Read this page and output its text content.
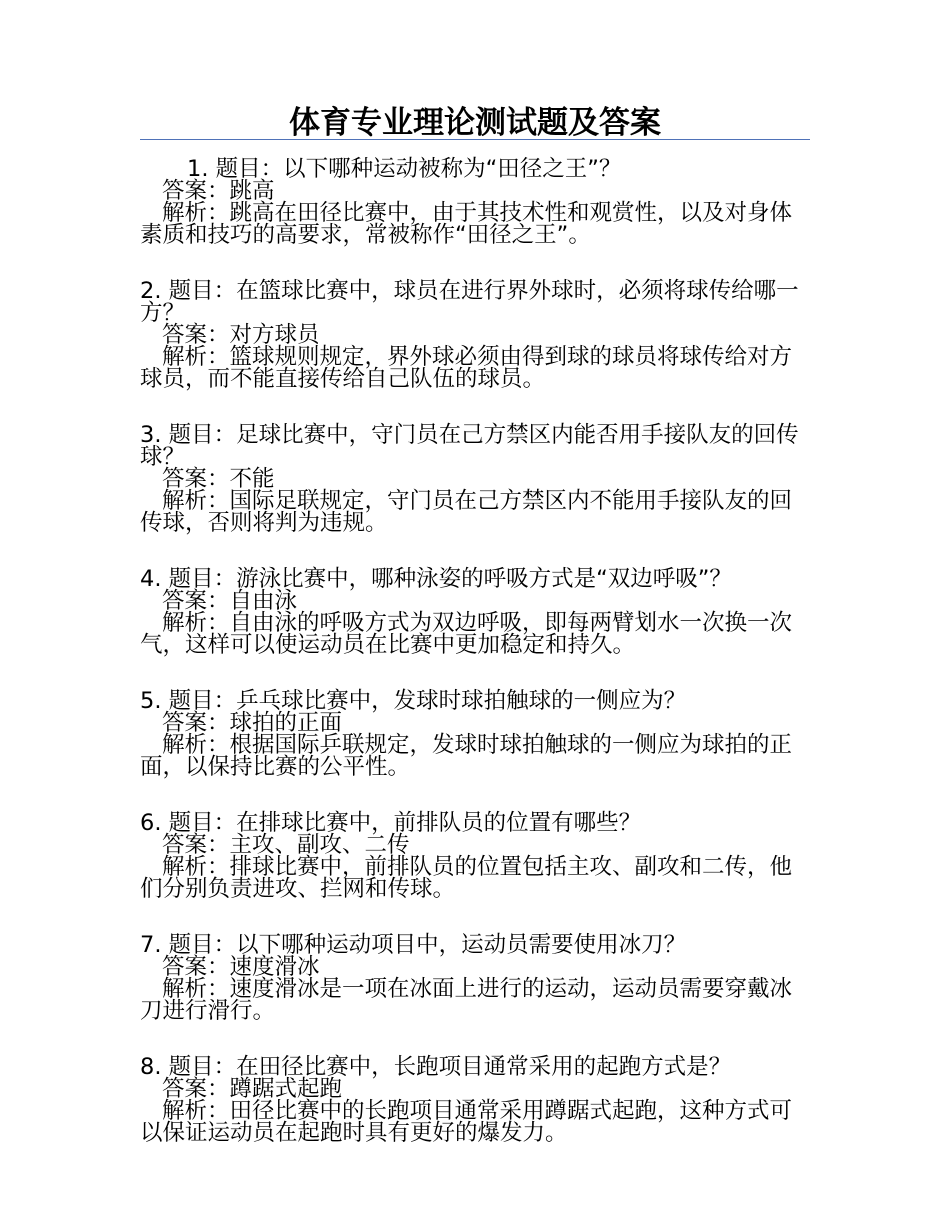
体育专业理论测试题及答案
1. 题目：以下哪种运动被称为“田径之王”？
答案：跳高
解析：跳高在田径比赛中，由于其技术性和观赏性，以及对身体素质和技巧的高要求，常被称作“田径之王”。
2. 题目：在篮球比赛中，球员在进行界外球时，必须将球传给哪一方？
答案：对方球员
解析：篮球规则规定，界外球必须由得到球的球员将球传给对方球员，而不能直接传给自己队伍的球员。
3. 题目：足球比赛中，守门员在己方禁区内能否用手接队友的回传球？
答案：不能
解析：国际足联规定，守门员在己方禁区内不能用手接队友的回传球，否则将判为违规。
4. 题目：游泳比赛中，哪种泳姿的呼吸方式是“双边呼吸”？
答案：自由泳
解析：自由泳的呼吸方式为双边呼吸，即每两臂划水一次换一次气，这样可以使运动员在比赛中更加稳定和持久。
5. 题目：乒乓球比赛中，发球时球拍触球的一侧应为？
答案：球拍的正面
解析：根据国际乒联规定，发球时球拍触球的一侧应为球拍的正面，以保持比赛的公平性。
6. 题目：在排球比赛中，前排队员的位置有哪些？
答案：主攻、副攻、二传
解析：排球比赛中，前排队员的位置包括主攻、副攻和二传，他们分别负责进攻、拦网和传球。
7. 题目：以下哪种运动项目中，运动员需要使用冰刀？
答案：速度滑冰
解析：速度滑冰是一项在冰面上进行的运动，运动员需要穿戴冰刀进行滑行。
8. 题目：在田径比赛中，长跑项目通常采用的起跑方式是？
答案：蹲踞式起跑
解析：田径比赛中的长跑项目通常采用蹲踞式起跑，这种方式可以保证运动员在起跑时具有更好的爆发力。
